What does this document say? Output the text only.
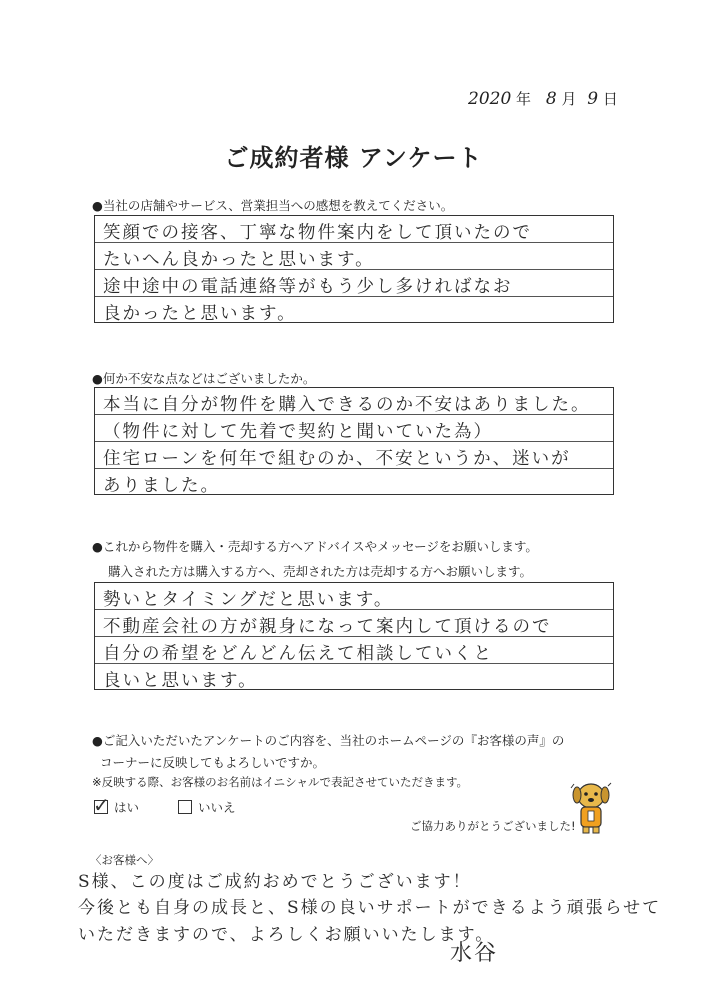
2020 年 8 月 9 日
ご成約者様 アンケート
●当社の店舗やサービス、営業担当への感想を教えてください。
笑顔での接客、丁寧な物件案内をして頂いたので
たいへん良かったと思います。
途中途中の電話連絡等がもう少し多ければなお
良かったと思います。
●何か不安な点などはございましたか。
本当に自分が物件を購入できるのか不安はありました。
（物件に対して先着で契約と聞いていた為）
住宅ローンを何年で組むのか、不安というか、迷いが
ありました。
●これから物件を購入・売却する方へアドバイスやメッセージをお願いします。
購入された方は購入する方へ、売却された方は売却する方へお願いします。
勢いとタイミングだと思います。
不動産会社の方が親身になって案内して頂けるので
自分の希望をどんどん伝えて相談していくと
良いと思います。
●ご記入いただいたアンケートのご内容を、当社のホームページの『お客様の声』の
コーナーに反映してもよろしいですか。
※反映する際、お客様のお名前はイニシャルで表記させていただきます。
✓ はい	いいえ
ご協力ありがとうございました!
〈お客様へ〉
S様、この度はご成約おめでとうございます！
今後とも自身の成長と、S様の良いサポートができるよう頑張らせて
いただきますので、よろしくお願いいたします。
水谷
